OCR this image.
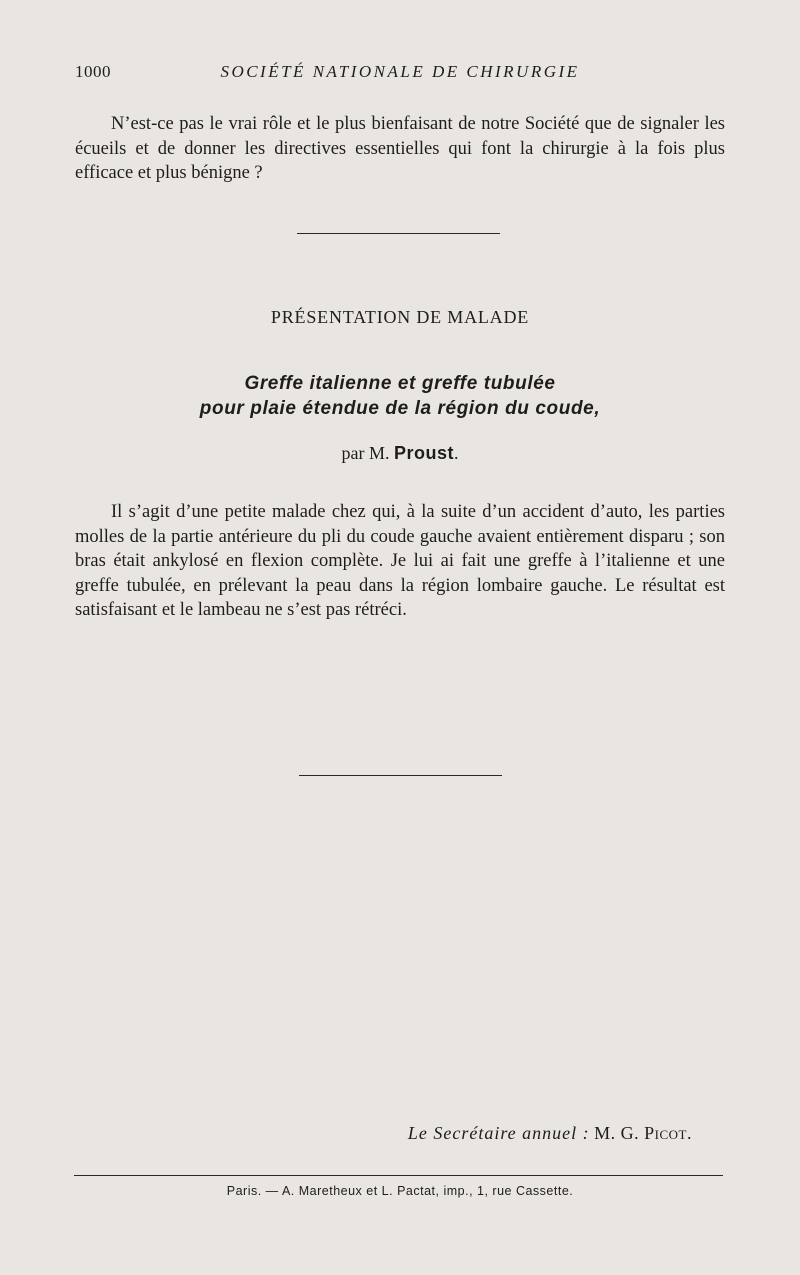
1000	SOCIÉTÉ NATIONALE DE CHIRURGIE

N’est-ce pas le vrai rôle et le plus bienfaisant de notre Société que de signaler les écueils et de donner les directives essentielles qui font la chirurgie à la fois plus efficace et plus bénigne ?

PRÉSENTATION DE MALADE
Greffe italienne et greffe tubulée
pour plaie étendue de la région du coude,
par M. Proust.

Il s’agit d’une petite malade chez qui, à la suite d’un accident d’auto, les parties molles de la partie antérieure du pli du coude gauche avaient entièrement disparu ; son bras était ankylosé en flexion complète. Je lui ai fait une greffe à l’italienne et une greffe tubulée, en prélevant la peau dans la région lombaire gauche. Le résultat est satisfaisant et le lambeau ne s’est pas rétréci.

Le Secrétaire annuel : M. G. Picot.
Paris. — A. Maretheux et L. Pactat, imp., 1, rue Cassette.
